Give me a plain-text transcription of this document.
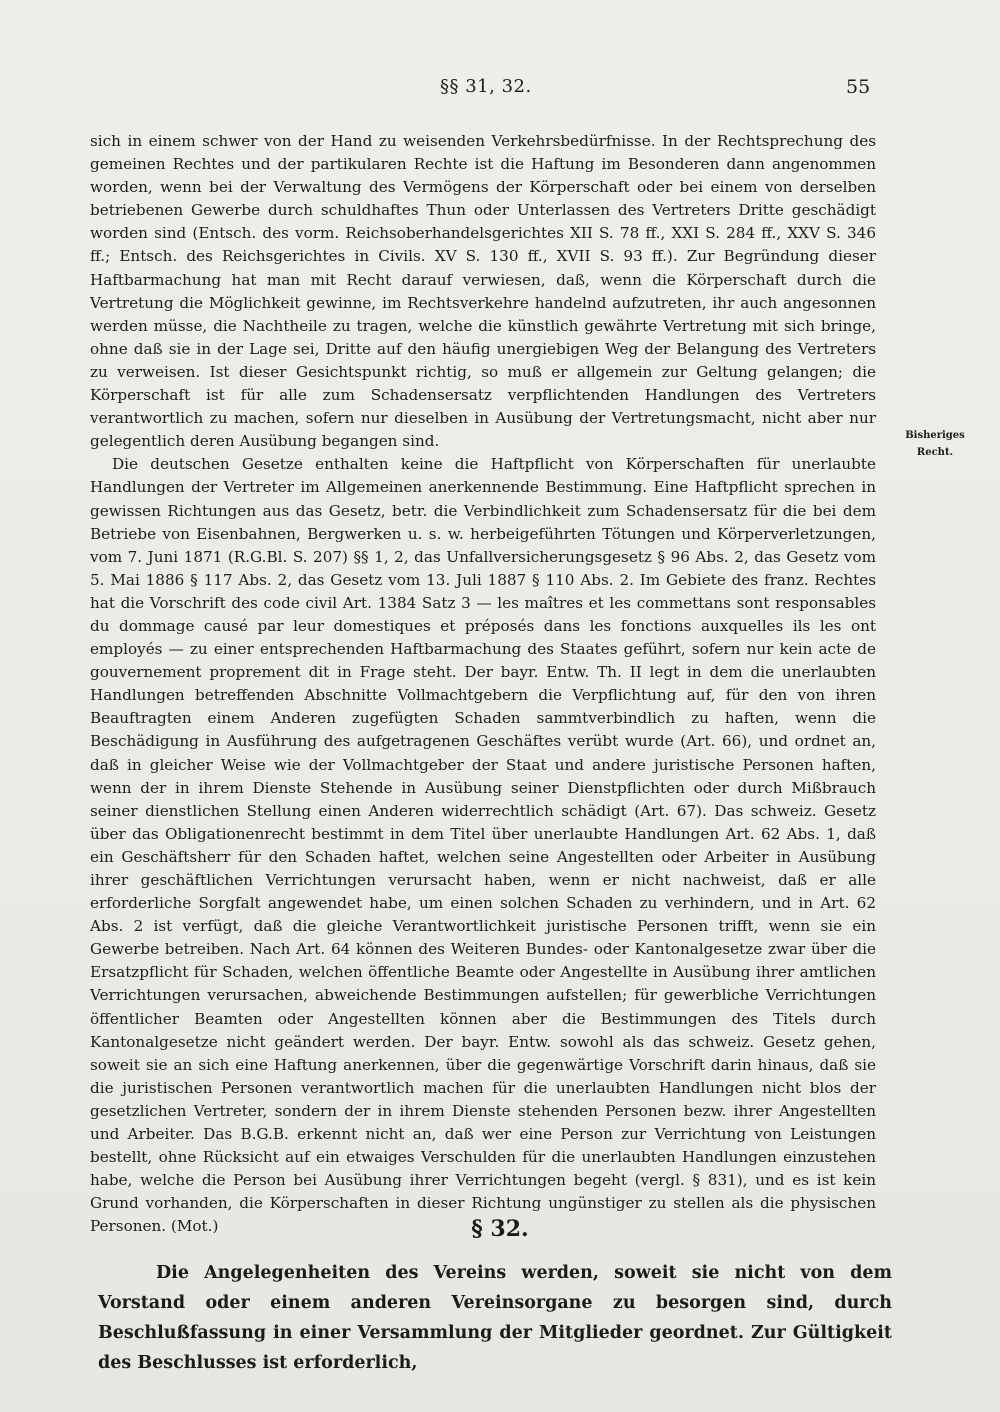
§§ 31, 32.	55

sich in einem schwer von der Hand zu weisenden Verkehrsbedürfnisse. In der Rechtsprechung des gemeinen Rechtes und der partikularen Rechte ist die Haftung im Besonderen dann angenommen worden, wenn bei der Verwaltung des Vermögens der Körperschaft oder bei einem von derselben betriebenen Gewerbe durch schuldhaftes Thun oder Unterlassen des Vertreters Dritte geschädigt worden sind (Entsch. des vorm. Reichsoberhandelsgerichtes XII S. 78 ff., XXI S. 284 ff., XXV S. 346 ff.; Entsch. des Reichsgerichtes in Civils. XV S. 130 ff., XVII S. 93 ff.). Zur Begründung dieser Haftbarmachung hat man mit Recht darauf verwiesen, daß, wenn die Körperschaft durch die Vertretung die Möglichkeit gewinne, im Rechtsverkehre handelnd aufzutreten, ihr auch angesonnen werden müsse, die Nachtheile zu tragen, welche die künstlich gewährte Vertretung mit sich bringe, ohne daß sie in der Lage sei, Dritte auf den häufig unergiebigen Weg der Belangung des Vertreters zu verweisen. Ist dieser Gesichtspunkt richtig, so muß er allgemein zur Geltung gelangen; die Körperschaft ist für alle zum Schadensersatz verpflichtenden Handlungen des Vertreters verantwortlich zu machen, sofern nur dieselben in Ausübung der Vertretungsmacht, nicht aber nur gelegentlich deren Ausübung begangen sind.

Die deutschen Gesetze enthalten keine die Haftpflicht von Körperschaften für unerlaubte Handlungen der Vertreter im Allgemeinen anerkennende Bestimmung. Eine Haftpflicht sprechen in gewissen Richtungen aus das Gesetz, betr. die Verbindlichkeit zum Schadensersatz für die bei dem Betriebe von Eisenbahnen, Bergwerken u. s. w. herbeigeführten Tötungen und Körperverletzungen, vom 7. Juni 1871 (R.G.Bl. S. 207) §§ 1, 2, das Unfallversicherungsgesetz § 96 Abs. 2, das Gesetz vom 5. Mai 1886 § 117 Abs. 2, das Gesetz vom 13. Juli 1887 § 110 Abs. 2. Im Gebiete des franz. Rechtes hat die Vorschrift des code civil Art. 1384 Satz 3 — les maîtres et les commettans sont responsables du dommage causé par leur domestiques et préposés dans les fonctions auxquelles ils les ont employés — zu einer entsprechenden Haftbarmachung des Staates geführt, sofern nur kein acte de gouvernement proprement dit in Frage steht. Der bayr. Entw. Th. II legt in dem die unerlaubten Handlungen betreffenden Abschnitte Vollmachtgebern die Verpflichtung auf, für den von ihren Beauftragten einem Anderen zugefügten Schaden sammtverbindlich zu haften, wenn die Beschädigung in Ausführung des aufgetragenen Geschäftes verübt wurde (Art. 66), und ordnet an, daß in gleicher Weise wie der Vollmachtgeber der Staat und andere juristische Personen haften, wenn der in ihrem Dienste Stehende in Ausübung seiner Dienstpflichten oder durch Mißbrauch seiner dienstlichen Stellung einen Anderen widerrechtlich schädigt (Art. 67). Das schweiz. Gesetz über das Obligationenrecht bestimmt in dem Titel über unerlaubte Handlungen Art. 62 Abs. 1, daß ein Geschäftsherr für den Schaden haftet, welchen seine Angestellten oder Arbeiter in Ausübung ihrer geschäftlichen Verrichtungen verursacht haben, wenn er nicht nachweist, daß er alle erforderliche Sorgfalt angewendet habe, um einen solchen Schaden zu verhindern, und in Art. 62 Abs. 2 ist verfügt, daß die gleiche Verantwortlichkeit juristische Personen trifft, wenn sie ein Gewerbe betreiben. Nach Art. 64 können des Weiteren Bundes- oder Kantonalgesetze zwar über die Ersatzpflicht für Schaden, welchen öffentliche Beamte oder Angestellte in Ausübung ihrer amtlichen Verrichtungen verursachen, abweichende Bestimmungen aufstellen; für gewerbliche Verrichtungen öffentlicher Beamten oder Angestellten können aber die Bestimmungen des Titels durch Kantonalgesetze nicht geändert werden. Der bayr. Entw. sowohl als das schweiz. Gesetz gehen, soweit sie an sich eine Haftung anerkennen, über die gegenwärtige Vorschrift darin hinaus, daß sie die juristischen Personen verantwortlich machen für die unerlaubten Handlungen nicht blos der gesetzlichen Vertreter, sondern der in ihrem Dienste stehenden Personen bezw. ihrer Angestellten und Arbeiter. Das B.G.B. erkennt nicht an, daß wer eine Person zur Verrichtung von Leistungen bestellt, ohne Rücksicht auf ein etwaiges Verschulden für die unerlaubten Handlungen einzustehen habe, welche die Person bei Ausübung ihrer Verrichtungen begeht (vergl. § 831), und es ist kein Grund vorhanden, die Körperschaften in dieser Richtung ungünstiger zu stellen als die physischen Personen. (Mot.)

Bisheriges Recht.
§ 32.

Die Angelegenheiten des Vereins werden, soweit sie nicht von dem Vorstand oder einem anderen Vereinsorgane zu besorgen sind, durch Beschlußfassung in einer Versammlung der Mitglieder geordnet. Zur Gültigkeit des Beschlusses ist erforderlich,
